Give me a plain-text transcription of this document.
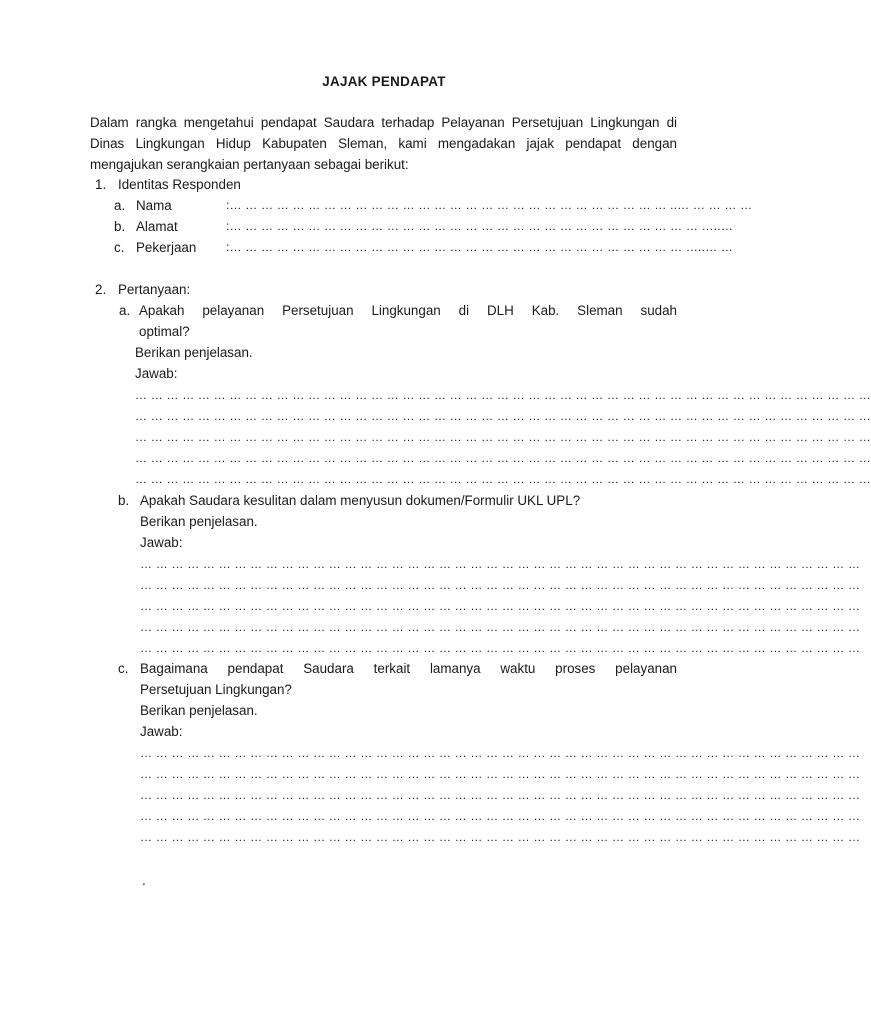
JAJAK PENDAPAT
Dalam rangka mengetahui pendapat Saudara terhadap Pelayanan Persetujuan Lingkungan di Dinas Lingkungan Hidup Kabupaten Sleman, kami mengadakan jajak pendapat dengan mengajukan serangkaian pertanyaan sebagai berikut:
1. Identitas Responden
a. Nama	:… … … … … … … … … … … … … … … … … … … … … … … … … … … … ..… … … … …
b. Alamat	:… … … … … … … … … … … … … … … … … … … … … … … … … … … … … … …..…
c. Pekerjaan :… … … … … … … … … … … … … … … … … … … … … … … … … … … … … …..… …
2. Pertanyaan:
a. Apakah pelayanan Persetujuan Lingkungan di DLH Kab. Sleman sudah
optimal?
Berikan penjelasan.
Jawab:
… … … … … … … … … … … … … … … … … … … … … … … … … … … … … … … … … … … … … … … … … … … … … … …
… … … … … … … … … … … … … … … … … … … … … … … … … … … … … … … … … … … … … … … … … … … … … … …
… … … … … … … … … … … … … … … … … … … … … … … … … … … … … … … … … … … … … … … … … … … … … … …
… … … … … … … … … … … … … … … … … … … … … … … … … … … … … … … … … … … … … … … … … … … … … … …
… … … … … … … … … … … … … … … … … … … … … … … … … … … … … … … … … … … … … … … … … … … … … … …
b. Apakah Saudara kesulitan dalam menyusun dokumen/Formulir UKL UPL?
Berikan penjelasan.
Jawab:
… … … … … … … … … … … … … … … … … … … … … … … … … … … … … … … … … … … … … … … … … … … … … …
… … … … … … … … … … … … … … … … … … … … … … … … … … … … … … … … … … … … … … … … … … … … … …
… … … … … … … … … … … … … … … … … … … … … … … … … … … … … … … … … … … … … … … … … … … … … …
… … … … … … … … … … … … … … … … … … … … … … … … … … … … … … … … … … … … … … … … … … … … … …
… … … … … … … … … … … … … … … … … … … … … … … … … … … … … … … … … … … … … … … … … … … … … …
c. Bagaimana pendapat Saudara terkait lamanya waktu proses pelayanan
Persetujuan Lingkungan?
Berikan penjelasan.
Jawab:
… … … … … … … … … … … … … … … … … … … … … … … … … … … … … … … … … … … … … … … … … … … … … …
… … … … … … … … … … … … … … … … … … … … … … … … … … … … … … … … … … … … … … … … … … … … … …
… … … … … … … … … … … … … … … … … … … … … … … … … … … … … … … … … … … … … … … … … … … … … …
… … … … … … … … … … … … … … … … … … … … … … … … … … … … … … … … … … … … … … … … … … … … … …
… … … … … … … … … … … … … … … … … … … … … … … … … … … … … … … … … … … … … … … … … … … … … …
.
